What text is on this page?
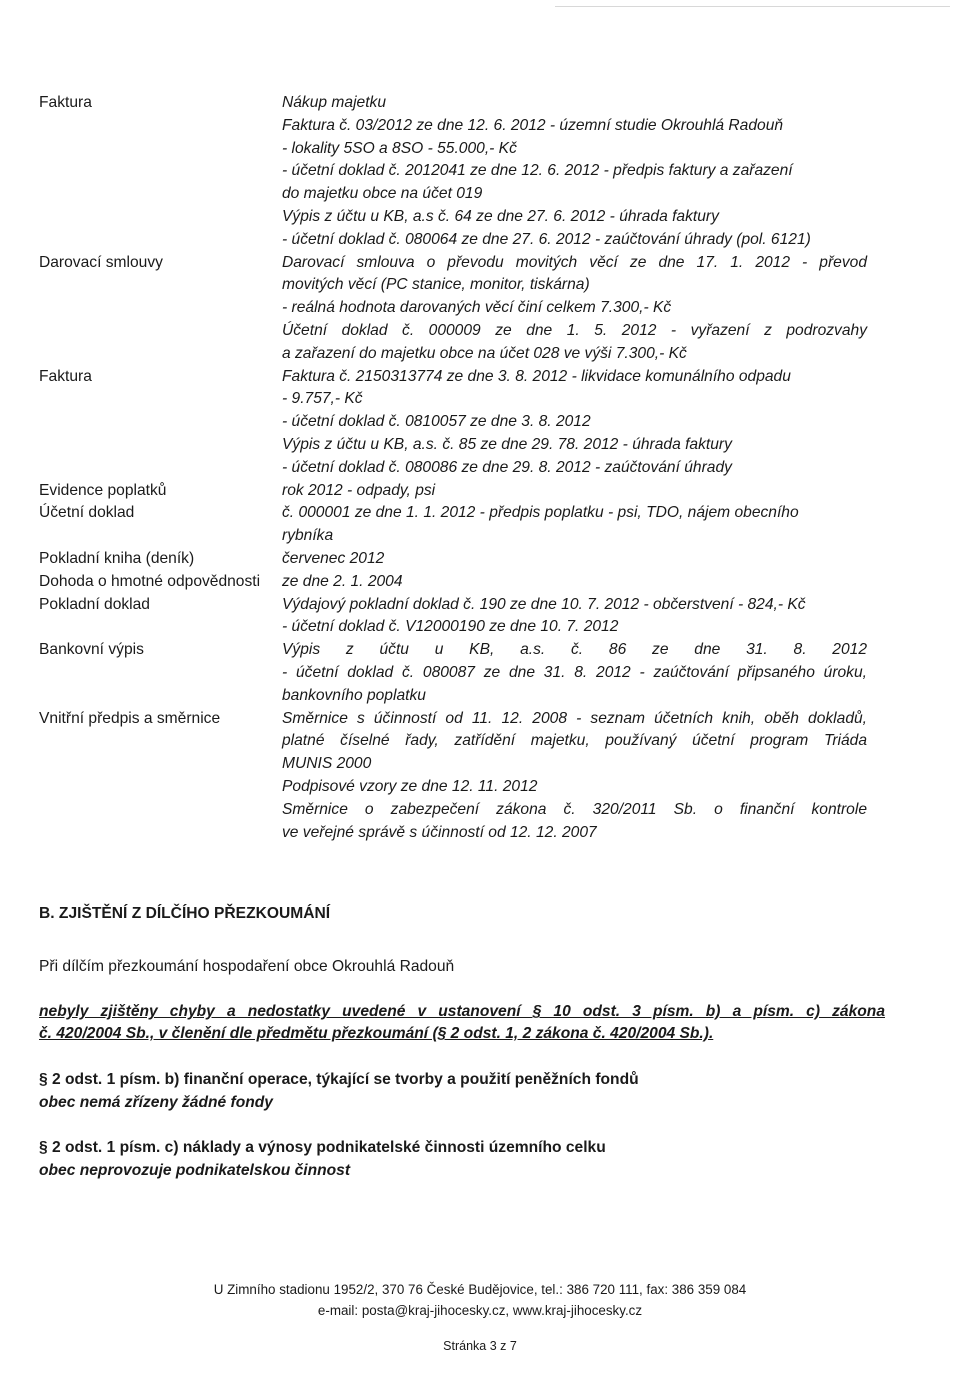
Faktura	Nákup majetku
Faktura č. 03/2012 ze dne 12. 6. 2012 - územní studie Okrouhlá Radouň
- lokality 5SO a 8SO - 55.000,- Kč
- účetní doklad č. 2012041 ze dne 12. 6. 2012 - předpis faktury a zařazení
do majetku obce na účet 019
Výpis z účtu u KB, a.s č. 64 ze dne 27. 6. 2012 - úhrada faktury
- účetní doklad č. 080064 ze dne 27. 6. 2012 - zaúčtování úhrady (pol. 6121)
Darovací smlouvy	Darovací smlouva o převodu movitých věcí ze dne 17. 1. 2012 - převod
movitých věcí (PC stanice, monitor, tiskárna)
- reálná hodnota darovaných věcí činí celkem 7.300,- Kč
Účetní doklad č. 000009 ze dne 1. 5. 2012 - vyřazení z podrozvahy
a zařazení do majetku obce na účet 028 ve výši 7.300,- Kč
Faktura	Faktura č. 2150313774 ze dne 3. 8. 2012 - likvidace komunálního odpadu
- 9.757,- Kč
- účetní doklad č. 0810057 ze dne 3. 8. 2012
Výpis z účtu u KB, a.s. č. 85 ze dne 29. 78. 2012 - úhrada faktury
- účetní doklad č. 080086 ze dne 29. 8. 2012 - zaúčtování úhrady
Evidence poplatků	rok 2012 - odpady, psi
Účetní doklad	č. 000001 ze dne 1. 1. 2012 - předpis poplatku - psi, TDO, nájem obecního
rybníka
Pokladní kniha (deník)	červenec 2012
Dohoda o hmotné odpovědnosti	ze dne 2. 1. 2004
Pokladní doklad	Výdajový pokladní doklad č. 190 ze dne 10. 7. 2012 - občerstvení - 824,- Kč
- účetní doklad č. V12000190 ze dne 10. 7. 2012
Bankovní výpis	Výpis z účtu u KB, a.s. č. 86 ze dne 31. 8. 2012
- účetní doklad č. 080087 ze dne 31. 8. 2012 - zaúčtování připsaného úroku,
bankovního poplatku
Vnitřní předpis a směrnice	Směrnice s účinností od 11. 12. 2008 - seznam účetních knih, oběh dokladů,
platné číselné řady, zatřídění majetku, používaný účetní program Triáda
MUNIS 2000
Podpisové vzory ze dne 12. 11. 2012
Směrnice o zabezpečení zákona č. 320/2011 Sb. o finanční kontrole
ve veřejné správě s účinností od 12. 12. 2007
B. ZJIŠTĚNÍ Z DÍLČÍHO PŘEZKOUMÁNÍ
Při dílčím přezkoumání hospodaření obce Okrouhlá Radouň
nebyly zjištěny chyby a nedostatky uvedené v ustanovení § 10 odst. 3 písm. b) a písm. c) zákona
č. 420/2004 Sb., v členění dle předmětu přezkoumání (§ 2 odst. 1, 2 zákona č. 420/2004 Sb.).
§ 2 odst. 1 písm. b) finanční operace, týkající se tvorby a použití peněžních fondů
obec nemá zřízeny žádné fondy
§ 2 odst. 1 písm. c) náklady a výnosy podnikatelské činnosti územního celku
obec neprovozuje podnikatelskou činnost
U Zimního stadionu 1952/2, 370 76 České Budějovice, tel.: 386 720 111, fax: 386 359 084
e-mail: posta@kraj-jihocesky.cz, www.kraj-jihocesky.cz
Stránka 3 z 7
